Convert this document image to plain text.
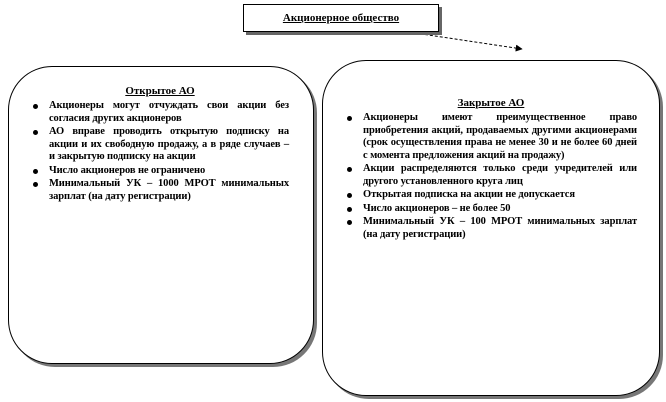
Акционерное общество
Открытое АО
Акционеры могут отчуждать свои акции без согласия других акционеров
АО вправе проводить открытую подписку на акции и их свободную продажу, а в ряде случаев – и закрытую подписку на акции
Число акционеров не ограничено
Минимальный УК – 1000 МРОТ минимальных зарплат (на дату регистрации)
Закрытое АО
Акционеры имеют преимущественное право приобретения акций, продаваемых другими акционерами (срок осуществления права не менее 30 и не более 60 дней с момента предложения акций на продажу)
Акции распределяются только среди учредителей или другого установленного круга лиц
Открытая подписка на акции не допускается
Число акционеров – не более 50
Минимальный УК – 100 МРОТ минимальных зарплат (на дату регистрации)
